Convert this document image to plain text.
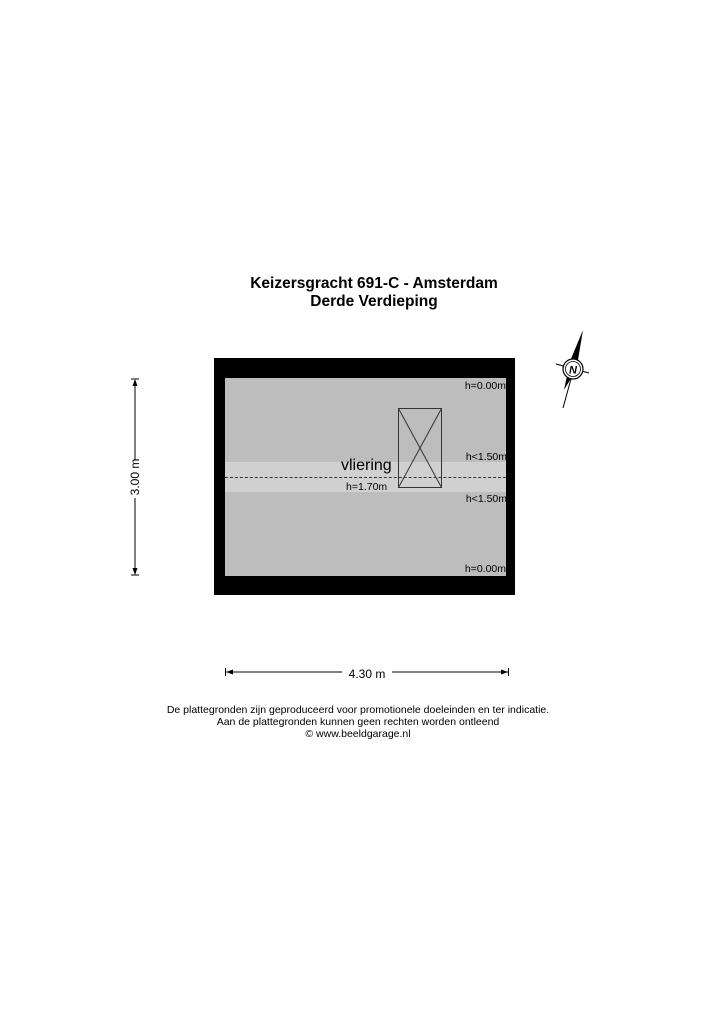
Keizersgracht 691-C - Amsterdam
Derde Verdieping
h=0.00m
h<1.50m
h<1.50m
h=0.00m
vliering
h=1.70m
3.00 m
4.30 m
N
De plattegronden zijn geproduceerd voor promotionele doeleinden en ter indicatie.
Aan de plattegronden kunnen geen rechten worden ontleend
© www.beeldgarage.nl
